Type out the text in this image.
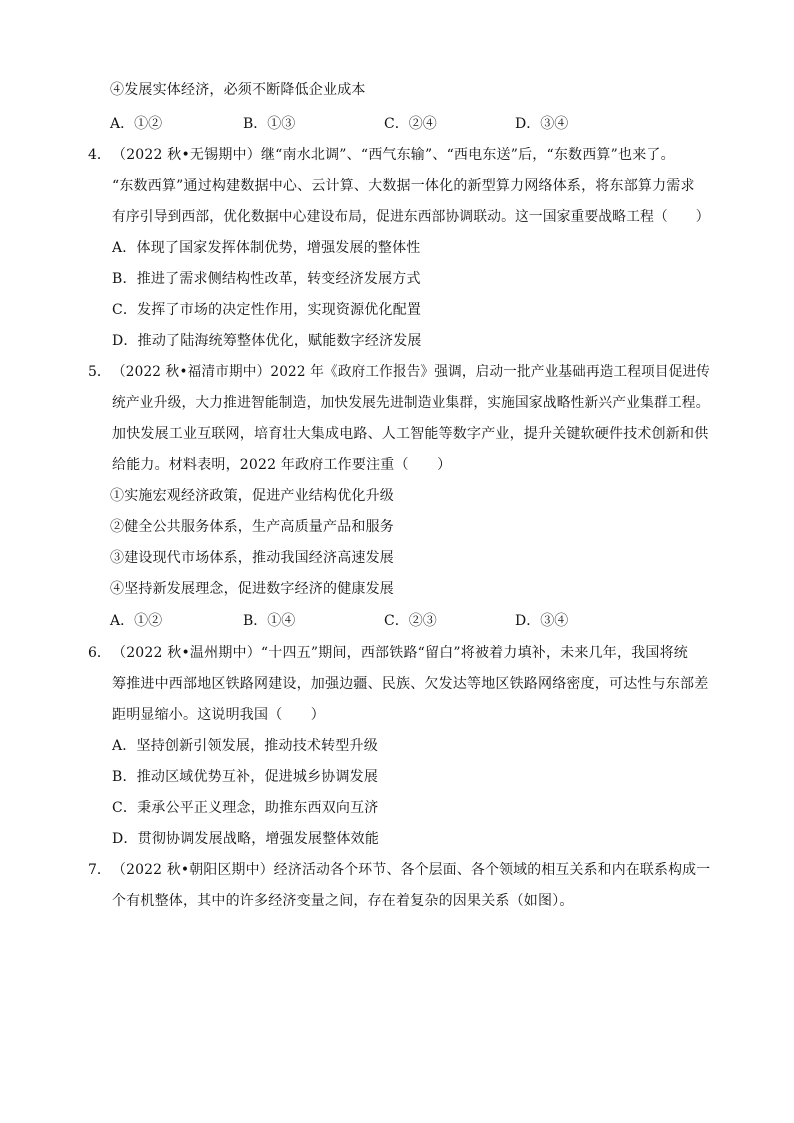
④发展实体经济，必须不断降低企业成本
A．①②	B．①③	C．②④	D．③④
4． （2022 秋•无锡期中）继“南水北调”、“西气东输”、“西电东送”后，“东数西算”也来了。
“东数西算”通过构建数据中心、云计算、大数据一体化的新型算力网络体系，将东部算力需求
有序引导到西部，优化数据中心建设布局，促进东西部协调联动。这一国家重要战略工程（　　）
A．体现了国家发挥体制优势，增强发展的整体性
B．推进了需求侧结构性改革，转变经济发展方式
C．发挥了市场的决定性作用，实现资源优化配置
D．推动了陆海统筹整体优化，赋能数字经济发展
5． （2022 秋•福清市期中）2022 年《政府工作报告》强调，启动一批产业基础再造工程项目促进传
统产业升级，大力推进智能制造，加快发展先进制造业集群，实施国家战略性新兴产业集群工程。
加快发展工业互联网，培育壮大集成电路、人工智能等数字产业，提升关键软硬件技术创新和供
给能力。材料表明，2022 年政府工作要注重（　　）
①实施宏观经济政策，促进产业结构优化升级
②健全公共服务体系，生产高质量产品和服务
③建设现代市场体系，推动我国经济高速发展
④坚持新发展理念，促进数字经济的健康发展
A．①②	B．①④	C．②③	D．③④
6． （2022 秋•温州期中）“十四五”期间，西部铁路“留白”将被着力填补，未来几年，我国将统
筹推进中西部地区铁路网建设，加强边疆、民族、欠发达等地区铁路网络密度，可达性与东部差
距明显缩小。这说明我国（　　）
A．坚持创新引领发展，推动技术转型升级
B．推动区域优势互补，促进城乡协调发展
C．秉承公平正义理念，助推东西双向互济
D．贯彻协调发展战略，增强发展整体效能
7． （2022 秋•朝阳区期中）经济活动各个环节、各个层面、各个领域的相互关系和内在联系构成一
个有机整体，其中的许多经济变量之间，存在着复杂的因果关系（如图）。
